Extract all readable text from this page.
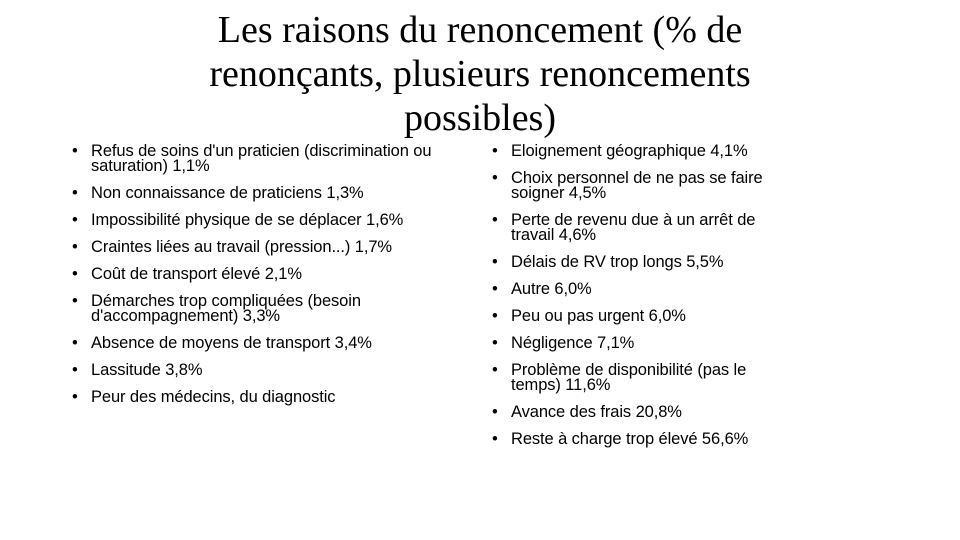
Les raisons du renoncement (% de renonçants, plusieurs renoncements possibles)
• Refus de soins d'un praticien (discrimination ou saturation) 1,1%
• Non connaissance de praticiens 1,3%
• Impossibilité physique de se déplacer 1,6%
• Craintes liées au travail (pression...) 1,7%
• Coût de transport élevé 2,1%
• Démarches trop compliquées (besoin d'accompagnement) 3,3%
• Absence de moyens de transport 3,4%
• Lassitude 3,8%
• Peur des médecins, du diagnostic
• Eloignement géographique 4,1%
• Choix personnel de ne pas se faire soigner 4,5%
• Perte de revenu due à un arrêt de travail 4,6%
• Délais de RV trop longs 5,5%
• Autre 6,0%
• Peu ou pas urgent 6,0%
• Négligence 7,1%
• Problème de disponibilité (pas le temps) 11,6%
• Avance des frais 20,8%
• Reste à charge trop élevé 56,6%
